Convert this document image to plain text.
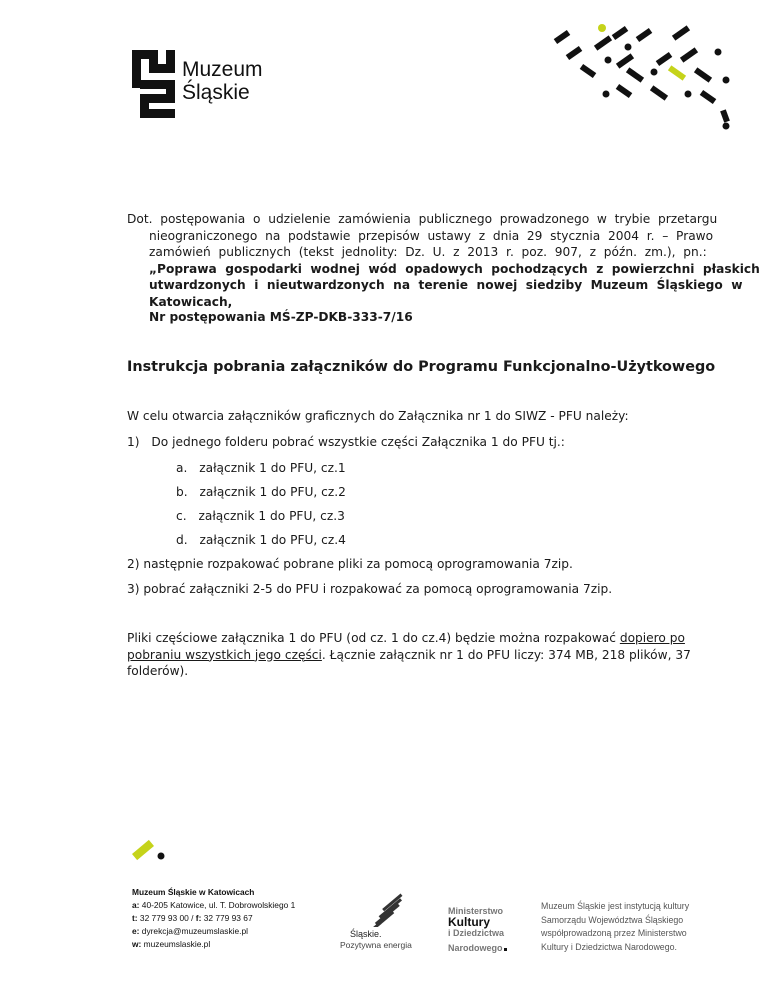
Muzeum
Śląskie
Dot.  postępowania  o  udzielenie  zamówienia  publicznego  prowadzonego  w  trybie  przetargu
nieograniczonego  na  podstawie  przepisów  ustawy  z  dnia  29  stycznia  2004  r.  –  Prawo
zamówień  publicznych  (tekst  jednolity:  Dz.  U.  z  2013  r.  poz.  907,  z  późn.  zm.),  pn.:
„Poprawa  gospodarki  wodnej  wód  opadowych  pochodzących  z  powierzchni  płaskich
utwardzonych  i  nieutwardzonych  na  terenie  nowej  siedziby  Muzeum  Śląskiego  w
Katowicach,
Nr postępowania MŚ-ZP-DKB-333-7/16
Instrukcja pobrania załączników do Programu Funkcjonalno-Użytkowego
W celu otwarcia załączników graficznych do Załącznika nr 1 do SIWZ - PFU należy:
1) Do jednego folderu pobrać wszystkie części Załącznika 1 do PFU tj.:
a. załącznik 1 do PFU, cz.1
b. załącznik 1 do PFU, cz.2
c. załącznik 1 do PFU, cz.3
d. załącznik 1 do PFU, cz.4
2) następnie rozpakować pobrane pliki za pomocą oprogramowania 7zip.
3) pobrać załączniki 2-5 do PFU i rozpakować za pomocą oprogramowania 7zip.
Pliki częściowe załącznika 1 do PFU (od cz. 1 do cz.4) będzie można rozpakować dopiero po
pobraniu wszystkich jego części. Łącznie załącznik nr 1 do PFU liczy: 374 MB, 218 plików, 37
folderów).
Muzeum Śląskie w Katowicach
a: 40-205 Katowice, ul. T. Dobrowolskiego 1
t: 32 779 93 00 / f: 32 779 93 67
e: dyrekcja@muzeumslaskie.pl
w: muzeumslaskie.pl
Śląskie.
Pozytywna energia
Ministerstwo
Kultury
i Dziedzictwa
Narodowego
Muzeum Śląskie jest instytucją kultury
Samorządu Województwa Śląskiego
współprowadzoną przez Ministerstwo
Kultury i Dziedzictwa Narodowego.
